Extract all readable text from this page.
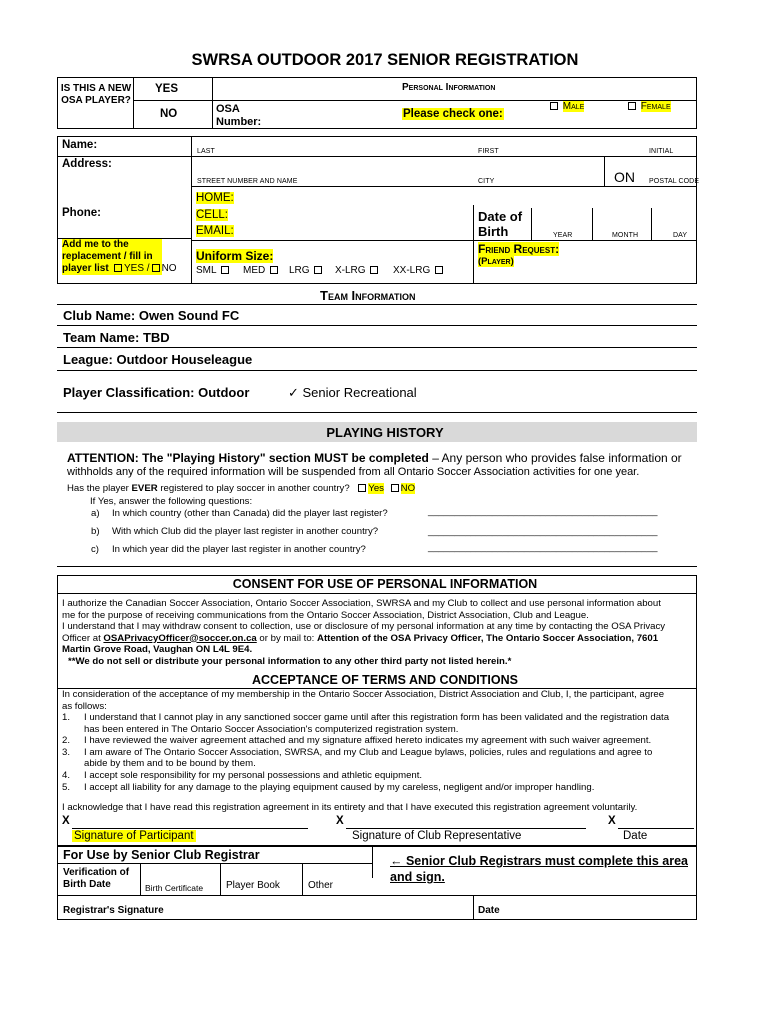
SWRSA OUTDOOR 2017 SENIOR REGISTRATION
IS THIS A NEW OSA PLAYER?
YES
NO
Personal Information
OSA Number:
Please check one:
Male	Female
Name:
LAST	FIRST	INITIAL
Address:
STREET NUMBER AND NAME	CITY	ON POSTAL CODE
Phone:
HOME:
CELL:
EMAIL:
Date of Birth	YEAR	MONTH	DAY
Add me to the replacement / fill in player list	YES / NO
Uniform Size:
SML	MED	LRG	X-LRG	XX-LRG
Friend Request:
(Player)
Team Information
Club Name: Owen Sound FC
Team Name: TBD
League: Outdoor Houseleague
Player Classification: Outdoor	✓ Senior Recreational
PLAYING HISTORY
ATTENTION: The "Playing History" section MUST be completed – Any person who provides false information or
withholds any of the required information will be suspended from all Ontario Soccer Association activities for one year.
Has the player EVER registered to play soccer in another country? Yes NO
If Yes, answer the following questions:
a) In which country (other than Canada) did the player last register?	___________________________________________
b) With which Club did the player last register in another country?	___________________________________________
c) In which year did the player last register in another country?	___________________________________________
CONSENT FOR USE OF PERSONAL INFORMATION
I authorize the Canadian Soccer Association, Ontario Soccer Association, SWRSA and my Club to collect and use personal information about
me for the purpose of receiving communications from the Ontario Soccer Association, District Association, Club and League.
I understand that I may withdraw consent to collection, use or disclosure of my personal information at any time by contacting the OSA Privacy
Officer at OSAPrivacyOfficer@soccer.on.ca or by mail to: Attention of the OSA Privacy Officer, The Ontario Soccer Association, 7601
Martin Grove Road, Vaughan ON L4L 9E4.
**We do not sell or distribute your personal information to any other third party not listed herein.*
ACCEPTANCE OF TERMS AND CONDITIONS
In consideration of the acceptance of my membership in the Ontario Soccer Association, District Association and Club, I, the participant, agree
as follows:
1.	I understand that I cannot play in any sanctioned soccer game until after this registration form has been validated and the registration data
has been entered in The Ontario Soccer Association's computerized registration system.
2.	I have reviewed the waiver agreement attached and my signature affixed hereto indicates my agreement with such waiver agreement.
3.	I am aware of The Ontario Soccer Association, SWRSA, and my Club and League bylaws, policies, rules and regulations and agree to
abide by them and to be bound by them.
4.	I accept sole responsibility for my personal possessions and athletic equipment.
5.	I accept all liability for any damage to the playing equipment caused by my careless, negligent and/or improper handling.
I acknowledge that I have read this registration agreement in its entirety and that I have executed this registration agreement voluntarily.
X
Signature of Participant
X
Signature of Club Representative
X
Date
For Use by Senior Club Registrar
Verification of Birth Date	Birth Certificate Player Book	Other
← Senior Club Registrars must complete this area and sign.
Registrar's Signature	Date
